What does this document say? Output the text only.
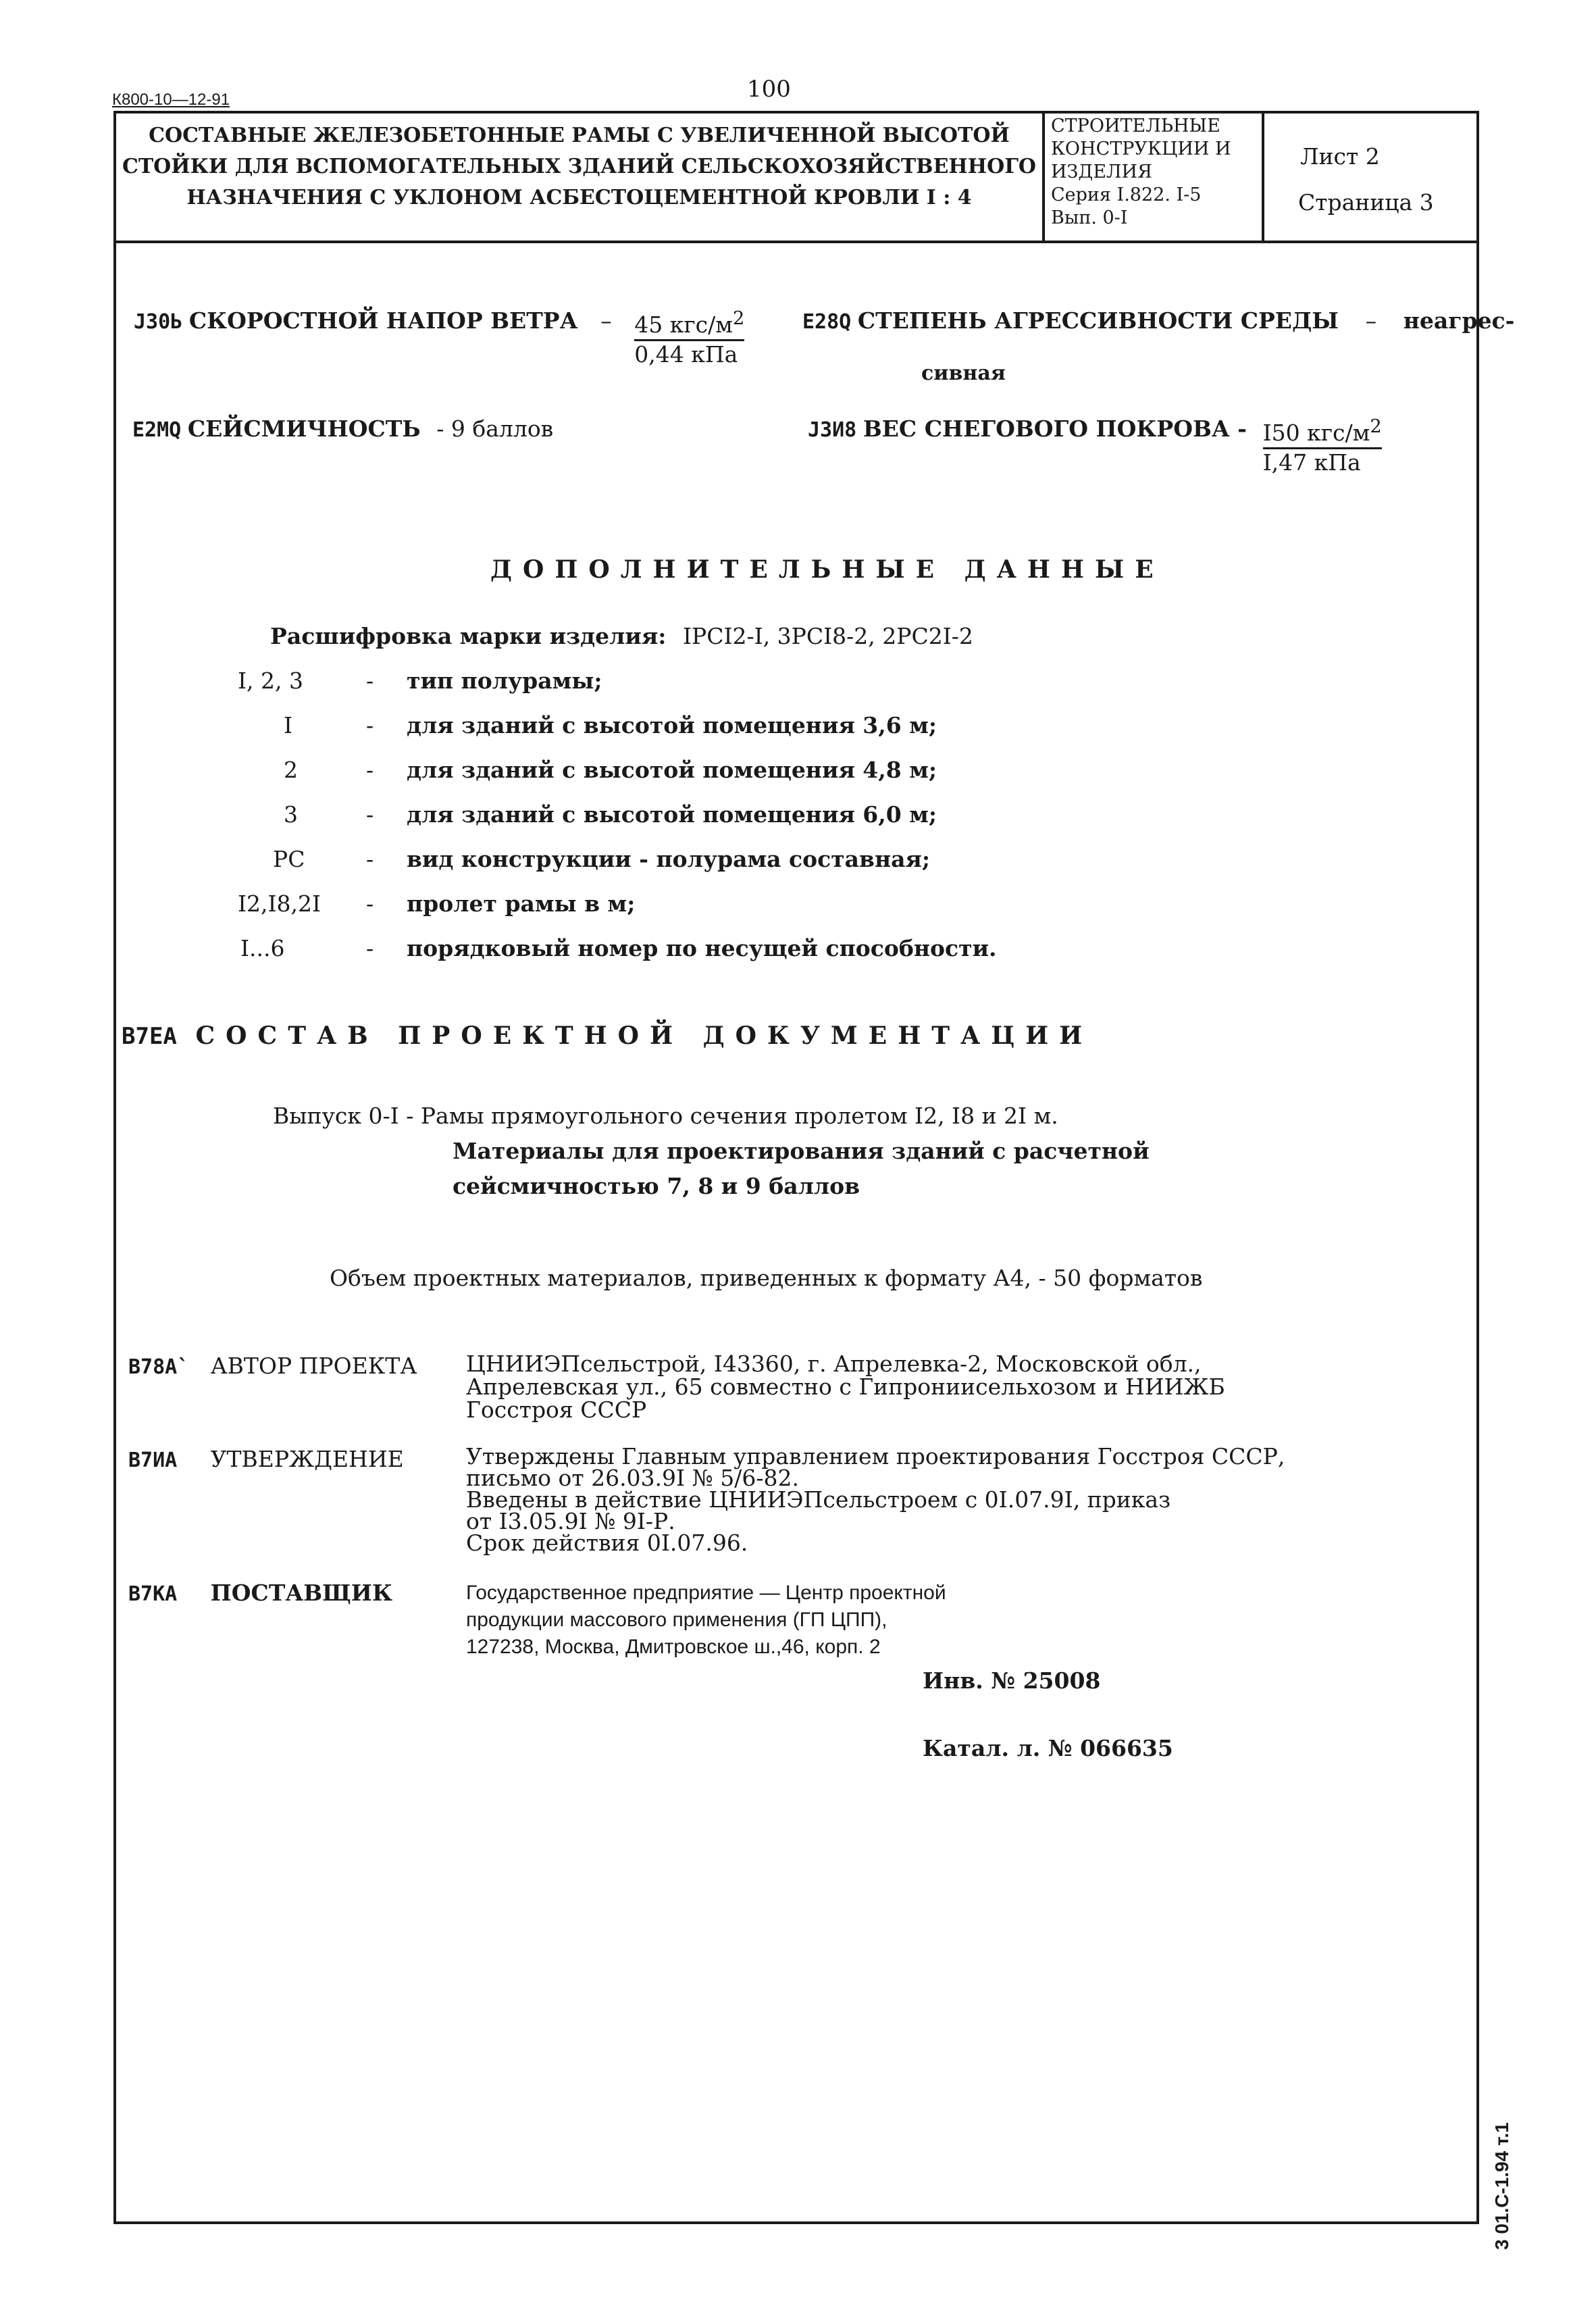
100
К800-10—12-91
СОСТАВНЫЕ ЖЕЛЕЗОБЕТОННЫЕ РАМЫ С УВЕЛИЧЕННОЙ ВЫСОТОЙ
СТОЙКИ ДЛЯ ВСПОМОГАТЕЛЬНЫХ ЗДАНИЙ СЕЛЬСКОХОЗЯЙСТВЕННОГО
НАЗНАЧЕНИЯ С УКЛОНОМ АСБЕСТОЦЕМЕНТНОЙ КРОВЛИ I : 4
СТРОИТЕЛЬНЫЕ
КОНСТРУКЦИИ И
ИЗДЕЛИЯ
Серия I.822. I-5
Вып. 0-I
Лист 2
Страница 3
J30Ь СКОРОСТНОЙ НАПОР ВЕТРА – $\frac{45 кгс/м^2}{\text{0,44 кПа}}$	Е28Q СТЕПЕНЬ АГРЕССИВНОСТИ СРЕДЫ – неагрес-
сивная
Е2МQ СЕЙСМИЧНОСТЬ - 9 баллов	J3И8 ВЕС СНЕГОВОГО ПОКРОВА - $\frac{I50 кгс/м^2}{\text{I,47 кПа}}$
ДОПОЛНИТЕЛЬНЫЕ ДАННЫЕ
Расшифровка марки изделия: IРСI2-I, 3РСI8-2, 2РС2I-2
I, 2, 3	- тип полурамы;
I	- для зданий с высотой помещения 3,6 м;
2	- для зданий с высотой помещения 4,8 м;
3	- для зданий с высотой помещения 6,0 м;
РС	- вид конструкции - полурама составная;
I2,I8,2I - пролет рамы в м;
I...6	- порядковый номер по несущей способности.
В7ЕА СОСТАВ ПРОЕКТНОЙ ДОКУМЕНТАЦИИ
Выпуск 0-I - Рамы прямоугольного сечения пролетом I2, I8 и 2I м.
Материалы для проектирования зданий с расчетной
сейсмичностью 7, 8 и 9 баллов
Объем проектных материалов, приведенных к формату А4, - 50 форматов
В78А` АВТОР ПРОЕКТА ЦНИИЭПсельстрой, I43360, г. Апрелевка-2, Московской обл.,
Апрелевская ул., 65 совместно с Гипрониисельхозом и НИИЖБ
Госстроя СССР
В7ИА УТВЕРЖДЕНИЕ	Утверждены Главным управлением проектирования Госстроя СССР,
письмо от 26.03.9I № 5/6-82.
Введены в действие ЦНИИЭПсельстроем с 0I.07.9I, приказ
от I3.05.9I № 9I-Р.
Срок действия 0I.07.96.
В7КА ПОСТАВЩИК	Государственное предприятие — Центр проектной
продукции массового применения (ГП ЦПП),
127238, Москва, Дмитровское ш.,46, корп. 2
Инв. № 25008
Катал. л. № 066635
3 01.С-1.94 т.1
